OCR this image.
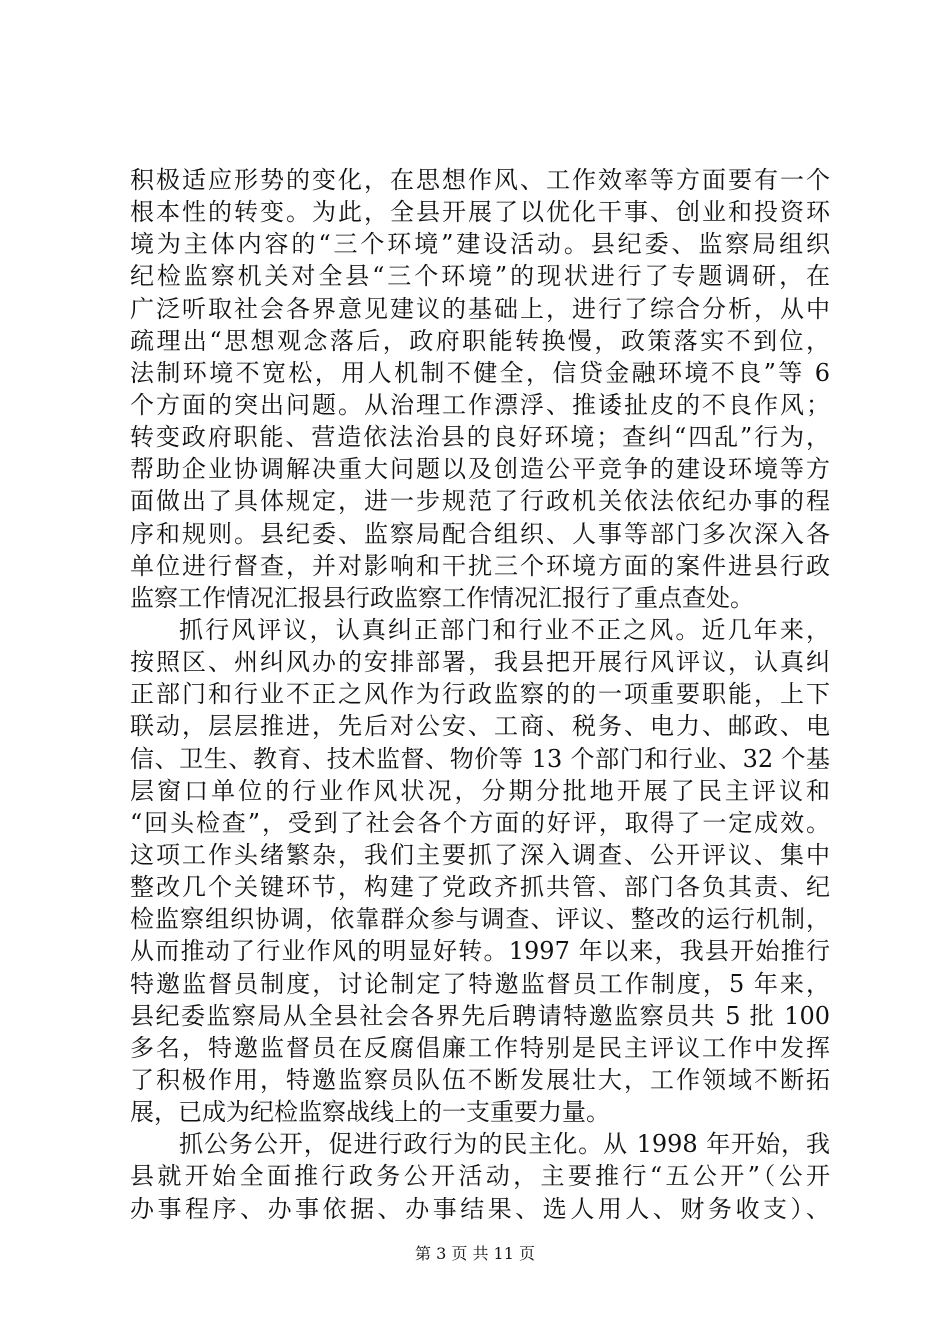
积极适应形势的变化，在思想作风、工作效率等方面要有一个
根本性的转变。为此，全县开展了以优化干事、创业和投资环
境为主体内容的“三个环境”建设活动。县纪委、监察局组织
纪检监察机关对全县“三个环境”的现状进行了专题调研，在
广泛听取社会各界意见建议的基础上，进行了综合分析，从中
疏理出“思想观念落后，政府职能转换慢，政策落实不到位，
法制环境不宽松，用人机制不健全，信贷金融环境不良”等 6
个方面的突出问题。从治理工作漂浮、推诿扯皮的不良作风；
转变政府职能、营造依法治县的良好环境；查纠“四乱”行为，
帮助企业协调解决重大问题以及创造公平竞争的建设环境等方
面做出了具体规定，进一步规范了行政机关依法依纪办事的程
序和规则。县纪委、监察局配合组织、人事等部门多次深入各
单位进行督查，并对影响和干扰三个环境方面的案件进县行政
监察工作情况汇报县行政监察工作情况汇报行了重点查处。
抓行风评议，认真纠正部门和行业不正之风。近几年来，
按照区、州纠风办的安排部署，我县把开展行风评议，认真纠
正部门和行业不正之风作为行政监察的的一项重要职能，上下
联动，层层推进，先后对公安、工商、税务、电力、邮政、电
信、卫生、教育、技术监督、物价等 13 个部门和行业、32 个基
层窗口单位的行业作风状况，分期分批地开展了民主评议和
“回头检查”，受到了社会各个方面的好评，取得了一定成效。
这项工作头绪繁杂，我们主要抓了深入调查、公开评议、集中
整改几个关键环节，构建了党政齐抓共管、部门各负其责、纪
检监察组织协调，依靠群众参与调查、评议、整改的运行机制，
从而推动了行业作风的明显好转。1997 年以来，我县开始推行
特邀监督员制度，讨论制定了特邀监督员工作制度，5 年来，
县纪委监察局从全县社会各界先后聘请特邀监察员共 5 批 100
多名，特邀监督员在反腐倡廉工作特别是民主评议工作中发挥
了积极作用，特邀监察员队伍不断发展壮大，工作领域不断拓
展，已成为纪检监察战线上的一支重要力量。
抓公务公开，促进行政行为的民主化。从 1998 年开始，我
县就开始全面推行政务公开活动，主要推行“五公开”（公开
办事程序、办事依据、办事结果、选人用人、财务收支）、
第 3 页 共 11 页
